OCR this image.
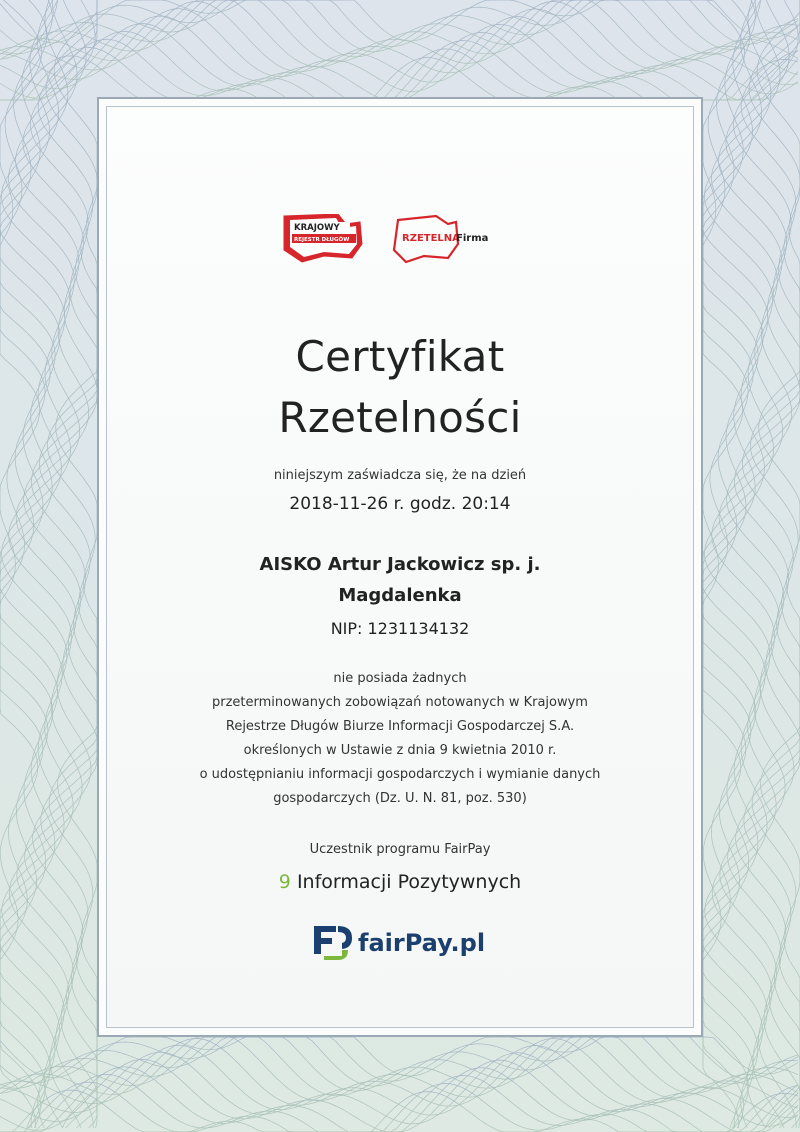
KRAJOWY
REJESTR DŁUGÓW	RZETELNA
Firma
Certyfikat
Rzetelności
niniejszym zaświadcza się, że na dzień
2018-11-26 r. godz. 20:14
AISKO Artur Jackowicz sp. j.
Magdalenka
NIP: 1231134132
nie posiada żadnych
przeterminowanych zobowiązań notowanych w Krajowym
Rejestrze Długów Biurze Informacji Gospodarczej S.A.
określonych w Ustawie z dnia 9 kwietnia 2010 r.
o udostępnianiu informacji gospodarczych i wymianie danych
gospodarczych (Dz. U. N. 81, poz. 530)
Uczestnik programu FairPay
9 Informacji Pozytywnych
fairPay.pl
